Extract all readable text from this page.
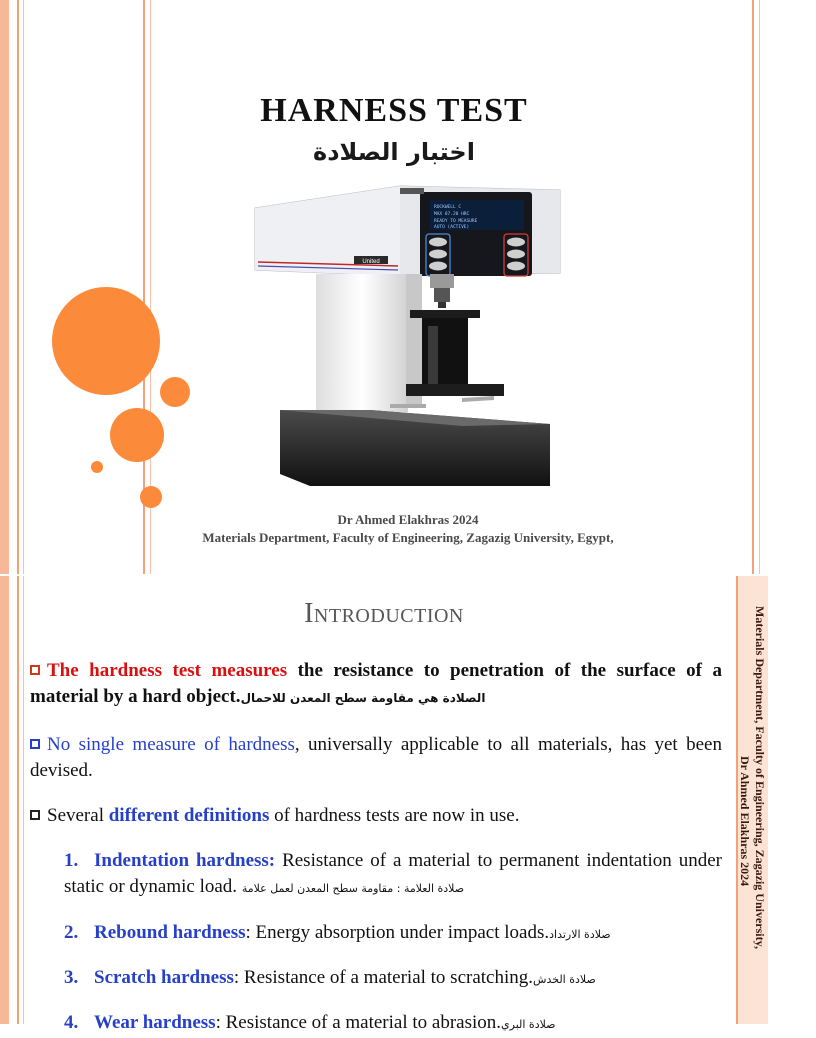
HARNESS TEST
اختبار الصلادة
United
ROCKWELL C
MAX 87.20 HRC
READY TO MEASURE
AUTO (ACTIVE)
Dr Ahmed Elakhras 2024
Materials Department, Faculty of Engineering, Zagazig University, Egypt,
Materials Department, Faculty of Engineering, Zagazig University,
Dr Ahmed Elakhras 2024
Introduction
The hardness test measures the resistance to penetration of the surface of a material by a hard object.الصلادة هي مقاومة سطح المعدن للاحمال
No single measure of hardness, universally applicable to all materials, has yet been devised.
Several different definitions of hardness tests are now in use.
1. Indentation hardness: Resistance of a material to permanent indentation under static or dynamic load. صلادة العلامة : مقاومة سطح المعدن لعمل علامة
2. Rebound hardness: Energy absorption under impact loads.صلادة الارتداد
3. Scratch hardness: Resistance of a material to scratching.صلادة الخدش
4. Wear hardness: Resistance of a material to abrasion.صلادة البري
